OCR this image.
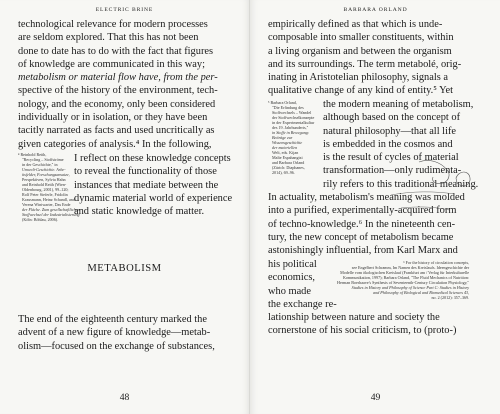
ELECTRIC BRINE
technological relevance for modern processes
are seldom explored. That this has not been
done to date has to do with the fact that figures
of knowledge are communicated in this way;
metabolism or material flow have, from the per-
spective of the history of the environment, tech-
nology, and the economy, only been considered
individually or in isolation, or they have been
tacitly narrated as facts and used uncritically as
given categories of analysis.⁴ In the following,
⁴ Reinhold Reith,
"Recycling – Stoffströme
in der Geschichte," in
Umwelt-Geschichte. Arbe-
itsfelder, Forschungsansatze,
Perspektiven, Sylvia Hahn
and Reinhold Reith (Wien-
Oldenbourg, 2001), 99–120;
Rolf Peter Sieferle, Fridolin
Krausmann, Heinz Schandl, and
Verena Winiwarter, Das Ende
der Fläche. Zum gesellschaftlichen
Stoffwechsel der Industrialisierung
(Köln: Böhlau, 2006).
I reflect on these knowledge concepts
to reveal the functionality of those
instances that mediate between the
dynamic material world of experience
and static knowledge of matter.
METABOLISM
The end of the eighteenth century marked the
advent of a new figure of knowledge—metab-
olism—focused on the exchange of substances,
48
BARBARA ORLAND
empirically defined as that which is unde-
composable into smaller constituents, within
a living organism and between the organism
and its surroundings. The term metabolé, orig-
inating in Aristotelian philosophy, signals a
qualitative change of any kind of entity.⁵ Yet
⁵ Barbara Orland,
"Die Erfindung des
Stoffwechsels – Wandel
der Stoffwechselkonzepte
in der Experimentalkultur
des 19. Jahrhunderts,"
in Stoffe in Bewegung:
Beiträge zur
Wissensgeschichte
der materiellen
Welt, eds. Kijan
Malte Espahangizi
and Barbara Orland
(Zürich: Diaphanes,
2014), 69–96.
the modern meaning of metabolism,
although based on the concept of
natural philosophy—that all life
is embedded in the cosmos and
is the result of cycles of material
transformation—only rudimenta-
rily refers to this traditional meaning.
In actuality, metabolism's meaning was molded
into a purified, experimentally-acquired form
of techno-knowledge.⁶ In the nineteenth cen-
tury, the new concept of metabolism became
astonishingly influential, from Karl Marx and
his political
economics,
who made
the exchange re-
⁶ For the history of circulation concepts,
see Engelbert Schramm, Im Namen des Kreislaufs. Ideengeschichte der
Modelle vom ökologischen Kreislauf (Frankfurt am / Verlag für Interkulturelle
Kommunikation, 1997); Barbara Orland, "The Fluid Mechanics of Nutrition:
Herman Boerhaave's Synthesis of Seventeenth-Century Circulation Physiology,"
Studies in History and Philosophy of Science Part C: Studies in History
and Philosophy of Biological and Biomedical Sciences 43,
no. 2 (2012): 357–369.
lationship between nature and society the
cornerstone of his social criticism, to (proto-)
49
